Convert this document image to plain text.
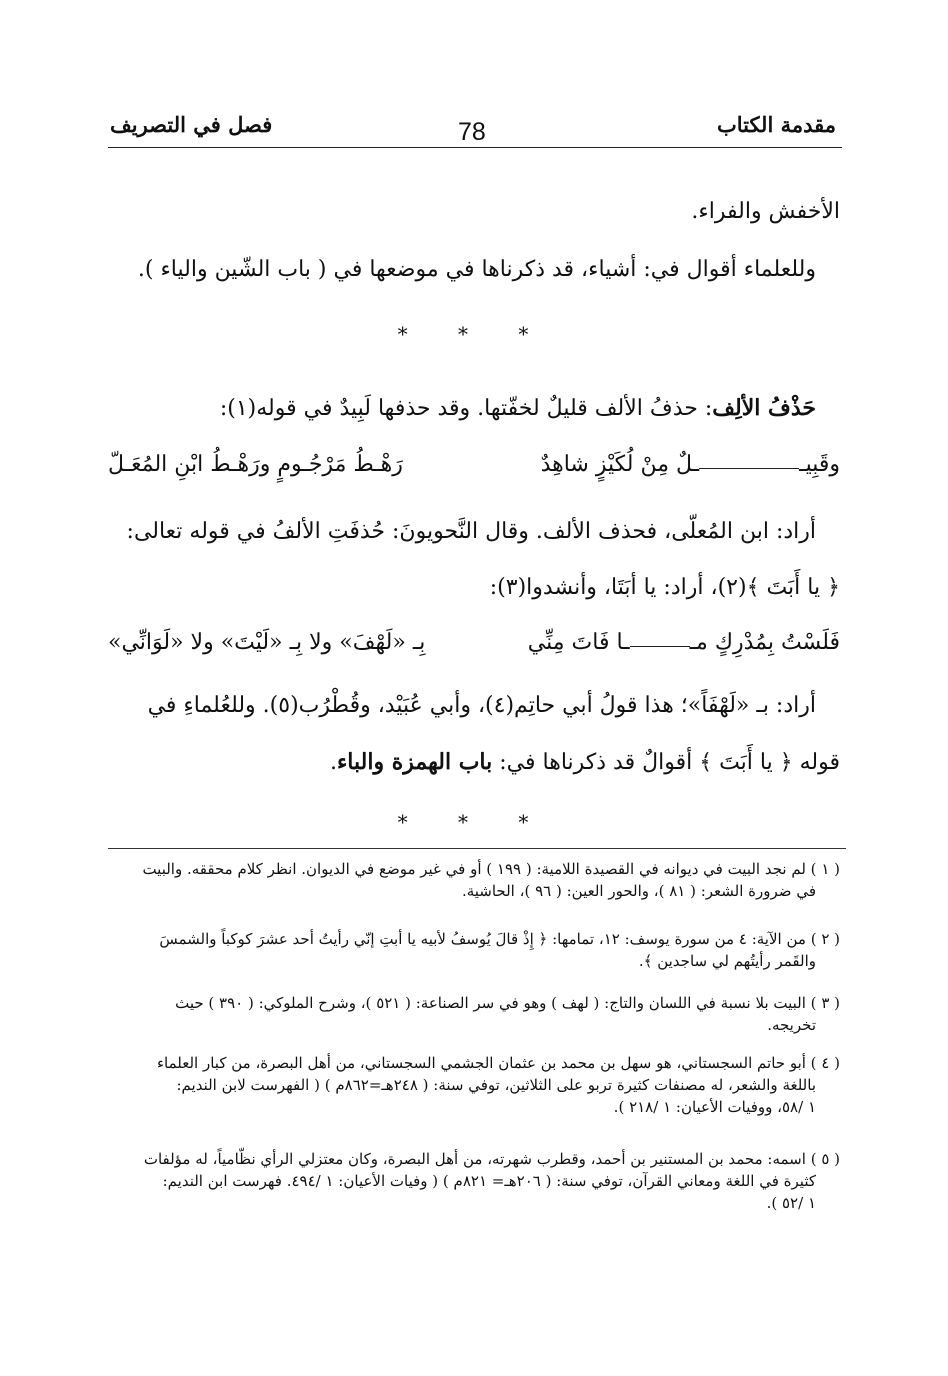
مقدمة الكتاب
78
فصل في التصريف
الأخفش والفراء.
وللعلماء أقوال في: أشياء، قد ذكرناها في موضعها في ( باب الشّين والياء ).
* * *
حَذْفُ الألِف: حذفُ الألف قليلٌ لخفّتها. وقد حذفها لَبِيدٌ في قوله(١):
وقَبِيــلٌ مِنْ لُكَيْزٍ شاهِدٌ
رَهْـطُ مَرْجُـومٍ ورَهْـطُ ابْنِ المُعَـلّ
أراد: ابن المُعلّى، فحذف الألف. وقال النَّحويونَ: حُذفَتِ الألفُ في قوله تعالى:
﴿ يا أَبَتَ ﴾(٢)، أراد: يا أبَتَا، وأنشدوا(٣):
فَلَسْتُ بِمُدْرِكٍ مــا فَاتَ مِنِّي
بِـ «لَهْفَ» ولا بِـ «لَيْتَ» ولا «لَوَانِّي»
أراد: بـ «لَهْفَاً»؛ هذا قولُ أبي حاتِم(٤)، وأبي عُبَيْد، وقُطْرُب(٥). وللعُلماءِ في
قوله ﴿ يا أَبَتَ ﴾ أقوالٌ قد ذكرناها في: باب الهمزة والباء.
* * *
( ١ ) لم نجد البيت في ديوانه في القصيدة اللامية: ( ١٩٩ ) أو في غير موضع في الديوان. انظر كلام محققه. والبيت
في ضرورة الشعر: ( ٨١ )، والحور العين: ( ٩٦ )، الحاشية.
( ٢ ) من الآية: ٤ من سورة يوسف: ١٢، تمامها: ﴿ إِذْ قالَ يُوسفُ لأبيه يا أبتِ إنّي رأيتُ أحد عشرَ كوكباً والشمسَ
والقَمر رأيتُهم لي ساجدين ﴾.
( ٣ ) البيت بلا نسبة في اللسان والتاج: ( لهف ) وهو في سر الصناعة: ( ٥٢١ )، وشرح الملوكي: ( ٣٩٠ ) حيث
تخريجه.
( ٤ ) أبو حاتم السجستاني، هو سهل بن محمد بن عثمان الجشمي السجستاني، من أهل البصرة، من كبار العلماء
باللغة والشعر، له مصنفات كثيرة تربو على الثلاثين، توفي سنة: ( ٢٤٨هـ=٨٦٢م ) ( الفهرست لابن النديم:
١ /٥٨، ووفيات الأعيان: ١ /٢١٨ ).
( ٥ ) اسمه: محمد بن المستنير بن أحمد، وقطرب شهرته، من أهل البصرة، وكان معتزلي الرأي نظّامياً، له مؤلفات
كثيرة في اللغة ومعاني القرآن، توفي سنة: ( ٢٠٦هـ= ٨٢١م ) ( وفيات الأعيان: ١ /٤٩٤. فهرست ابن النديم:
١ /٥٢ ).
